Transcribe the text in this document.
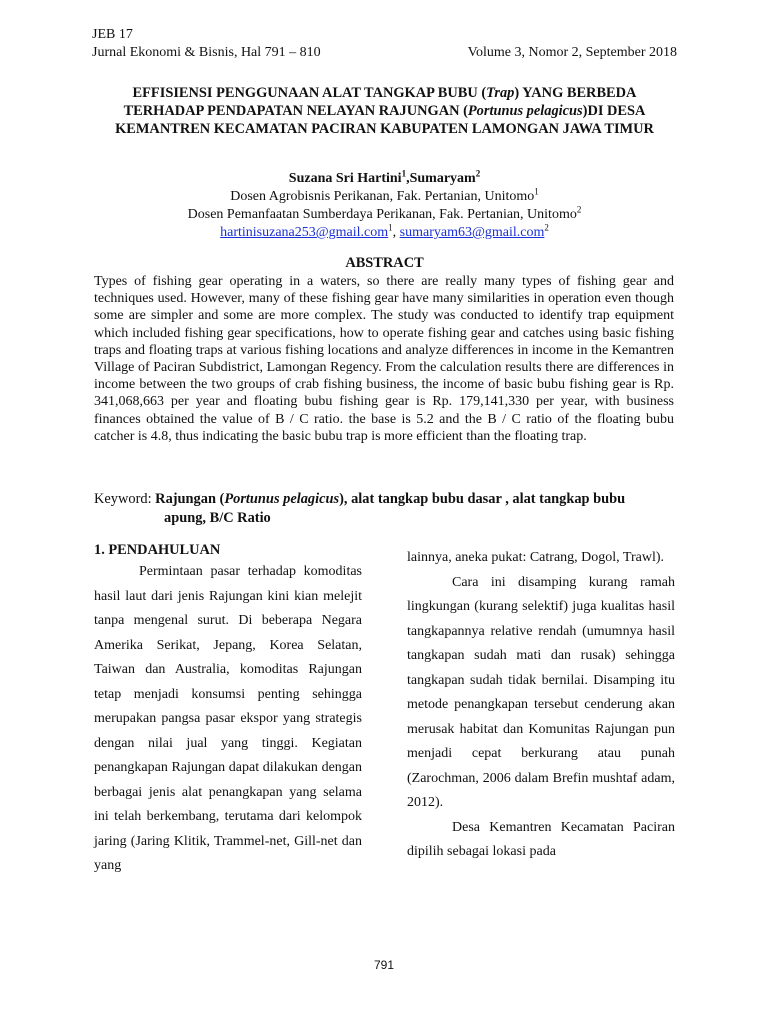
JEB 17
Jurnal Ekonomi & Bisnis, Hal 791 – 810	Volume 3, Nomor 2, September 2018
EFFISIENSI PENGGUNAAN ALAT TANGKAP BUBU (Trap) YANG BERBEDA TERHADAP PENDAPATAN NELAYAN RAJUNGAN (Portunus pelagicus)DI DESA KEMANTREN KECAMATAN PACIRAN KABUPATEN LAMONGAN JAWA TIMUR
Suzana Sri Hartini$^1$,Sumaryam$^2$
Dosen Agrobisnis Perikanan, Fak. Pertanian, Unitomo$^1$
Dosen Pemanfaatan Sumberdaya Perikanan, Fak. Pertanian, Unitomo$^2$
hartinisuzana253@gmail.com$^1$, sumaryam63@gmail.com$^2$
ABSTRACT

Types of fishing gear operating in a waters, so there are really many types of fishing gear and techniques used. However, many of these fishing gear have many similarities in operation even though some are simpler and some are more complex. The study was conducted to identify trap equipment which included fishing gear specifications, how to operate fishing gear and catches using basic fishing traps and floating traps at various fishing locations and analyze differences in income in the Kemantren Village of Paciran Subdistrict, Lamongan Regency. From the calculation results there are differences in income between the two groups of crab fishing business, the income of basic bubu fishing gear is Rp. 341,068,663 per year and floating bubu fishing gear is Rp. 179,141,330 per year, with business finances obtained the value of B / C ratio. the base is 5.2 and the B / C ratio of the floating bubu catcher is 4.8, thus indicating the basic bubu trap is more efficient than the floating trap.

Keyword: Rajungan (Portunus pelagicus), alat tangkap bubu dasar , alat tangkap bubu
apung, B/C Ratio
1. PENDAHULUAN

Permintaan pasar terhadap komoditas hasil laut dari jenis Rajungan kini kian melejit tanpa mengenal surut. Di beberapa Negara Amerika Serikat, Jepang, Korea Selatan, Taiwan dan Australia, komoditas Rajungan tetap menjadi konsumsi penting sehingga merupakan pangsa pasar ekspor yang strategis dengan nilai jual yang tinggi. Kegiatan penangkapan Rajungan dapat dilakukan dengan berbagai jenis alat penangkapan yang selama ini telah berkembang, terutama dari kelompok jaring (Jaring Klitik, Trammel-net, Gill-net dan yang

lainnya, aneka pukat: Catrang, Dogol, Trawl).

Cara ini disamping kurang ramah lingkungan (kurang selektif) juga kualitas hasil tangkapannya relative rendah (umumnya hasil tangkapan sudah mati dan rusak) sehingga tangkapan sudah tidak bernilai. Disamping itu metode penangkapan tersebut cenderung akan merusak habitat dan Komunitas Rajungan pun menjadi cepat berkurang atau punah (Zarochman, 2006 dalam Brefin mushtaf adam, 2012).

Desa Kemantren Kecamatan Paciran dipilih sebagai lokasi pada

791
